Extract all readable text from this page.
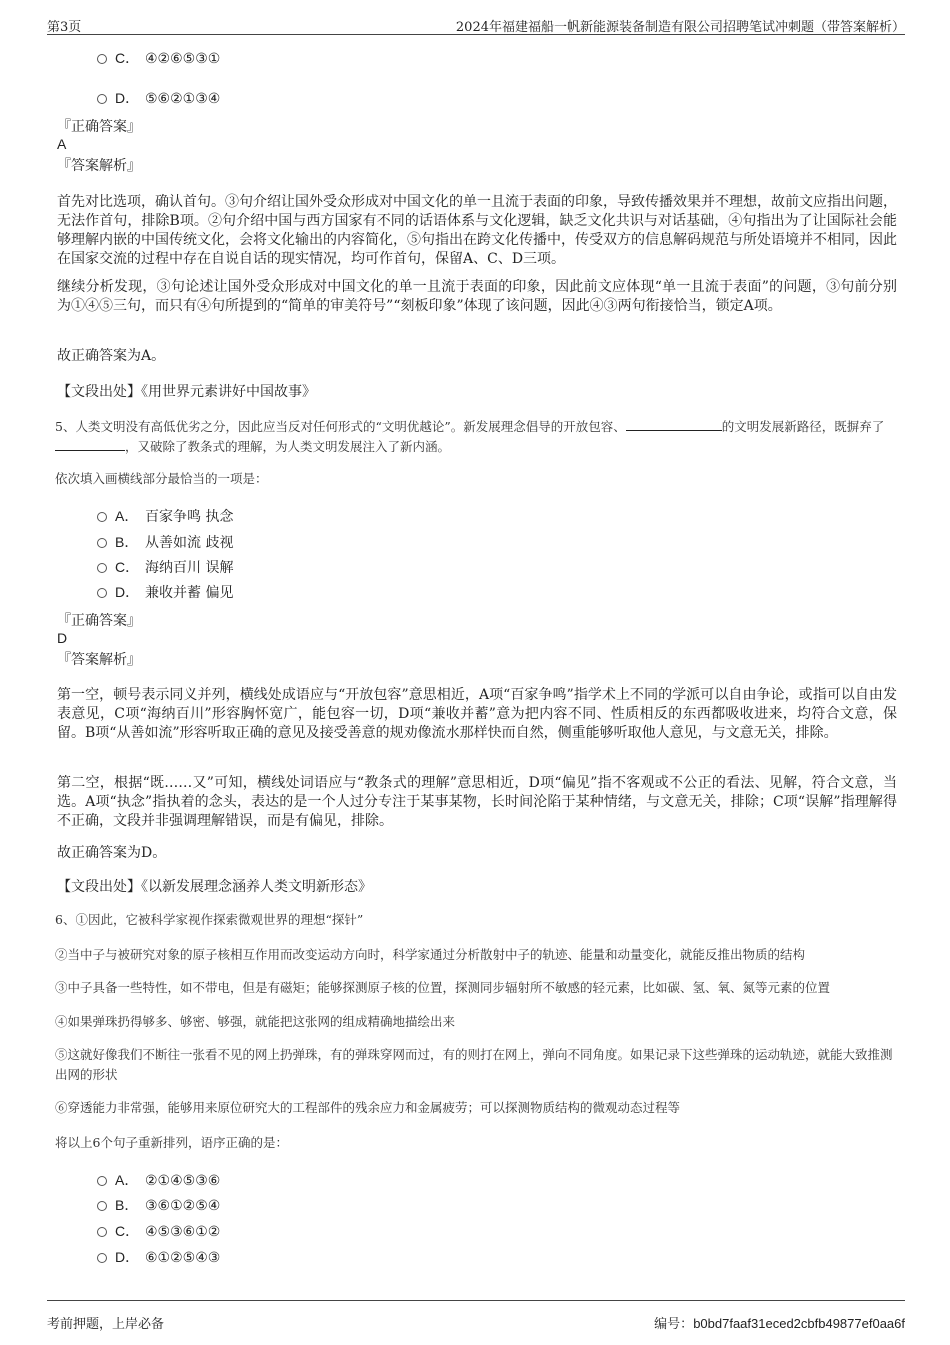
第3页	2024年福建福船一帆新能源装备制造有限公司招聘笔试冲刺题（带答案解析）
C． ④②⑥⑤③①
D． ⑤⑥②①③④
『正确答案』
A
『答案解析』
首先对比选项，确认首句。③句介绍让国外受众形成对中国文化的单一且流于表面的印象，导致传播效果并不理想，故前文应指出问题，无法作首句，排除B项。②句介绍中国与西方国家有不同的话语体系与文化逻辑，缺乏文化共识与对话基础，④句指出为了让国际社会能够理解内嵌的中国传统文化，会将文化输出的内容简化，⑤句指出在跨文化传播中，传受双方的信息解码规范与所处语境并不相同，因此在国家交流的过程中存在自说自话的现实情况，均可作首句，保留A、C、D三项。
继续分析发现，③句论述让国外受众形成对中国文化的单一且流于表面的印象，因此前文应体现“单一且流于表面”的问题，③句前分别为①④⑤三句，而只有④句所提到的“简单的审美符号”“刻板印象”体现了该问题，因此④③两句衔接恰当，锁定A项。
故正确答案为A。
【文段出处】《用世界元素讲好中国故事》
5、人类文明没有高低优劣之分，因此应当反对任何形式的“文明优越论”。新发展理念倡导的开放包容、	的文明发展新路径，既摒弃了，又破除了教条式的理解，为人类文明发展注入了新内涵。
依次填入画横线部分最恰当的一项是：
A． 百家争鸣 执念
B． 从善如流 歧视
C． 海纳百川 误解
D． 兼收并蓄 偏见
『正确答案』
D
『答案解析』
第一空，顿号表示同义并列，横线处成语应与“开放包容”意思相近，A项“百家争鸣”指学术上不同的学派可以自由争论，或指可以自由发表意见，C项“海纳百川”形容胸怀宽广，能包容一切，D项“兼收并蓄”意为把内容不同、性质相反的东西都吸收进来，均符合文意，保留。B项“从善如流”形容听取正确的意见及接受善意的规劝像流水那样快而自然，侧重能够听取他人意见，与文意无关，排除。
第二空，根据“既……又”可知，横线处词语应与“教条式的理解”意思相近，D项“偏见”指不客观或不公正的看法、见解，符合文意，当选。A项“执念”指执着的念头，表达的是一个人过分专注于某事某物，长时间沦陷于某种情绪，与文意无关，排除；C项“误解”指理解得不正确，文段并非强调理解错误，而是有偏见，排除。
故正确答案为D。
【文段出处】《以新发展理念涵养人类文明新形态》
6、①因此，它被科学家视作探索微观世界的理想“探针”
②当中子与被研究对象的原子核相互作用而改变运动方向时，科学家通过分析散射中子的轨迹、能量和动量变化，就能反推出物质的结构
③中子具备一些特性，如不带电，但是有磁矩；能够探测原子核的位置，探测同步辐射所不敏感的轻元素，比如碳、氢、氧、氮等元素的位置
④如果弹珠扔得够多、够密、够强，就能把这张网的组成精确地描绘出来
⑤这就好像我们不断往一张看不见的网上扔弹珠，有的弹珠穿网而过，有的则打在网上，弹向不同角度。如果记录下这些弹珠的运动轨迹，就能大致推测出网的形状
⑥穿透能力非常强，能够用来原位研究大的工程部件的残余应力和金属疲劳；可以探测物质结构的微观动态过程等
将以上6个句子重新排列，语序正确的是：
A． ②①④⑤③⑥
B． ③⑥①②⑤④
C． ④⑤③⑥①②
D． ⑥①②⑤④③
考前押题，上岸必备	编号：b0bd7faaf31eced2cbfb49877ef0aa6f
